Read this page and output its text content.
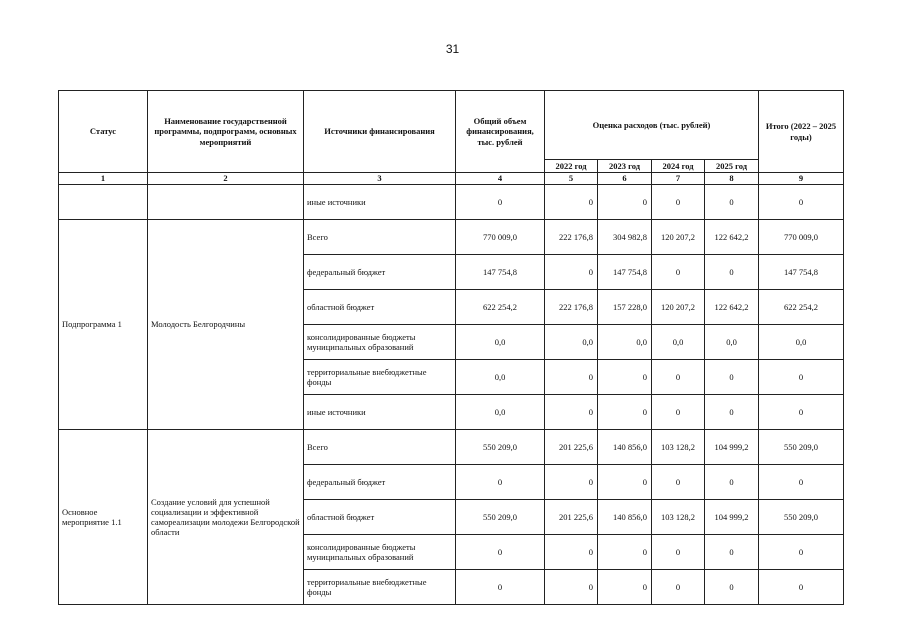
31
Статус	Наименование государственной программы, подпрограмм, основных мероприятий	Источники финансирования	Общий объем финансирования, тыс. рублей	Оценка расходов (тыс. рублей)				Итого (2022 – 2025 годы)
				2022 год	2023 год	2024 год	2025 год	
1	2	3	4	5	6	7	8	9
		иные источники	0	0	0	0	0	0
Подпрограмма 1	Молодость Белгородчины	Всего	770 009,0	222 176,8	304 982,8	120 207,2	122 642,2	770 009,0
		федеральный бюджет	147 754,8	0	147 754,8	0	0	147 754,8
		областной бюджет	622 254,2	222 176,8	157 228,0	120 207,2	122 642,2	622 254,2
		консолидированные бюджеты муниципальных образований	0,0	0,0	0,0	0,0	0,0	0,0
		территориальные внебюджетные фонды	0,0	0	0	0	0	0
		иные источники	0,0	0	0	0	0	0
Основное мероприятие 1.1	Создание условий для успешной социализации и эффективной самореализации молодежи Белгородской области	Всего	550 209,0	201 225,6	140 856,0	103 128,2	104 999,2	550 209,0
		федеральный бюджет	0	0	0	0	0	0
		областной бюджет	550 209,0	201 225,6	140 856,0	103 128,2	104 999,2	550 209,0
		консолидированные бюджеты муниципальных образований	0	0	0	0	0	0
		территориальные внебюджетные фонды	0	0	0	0	0	0
